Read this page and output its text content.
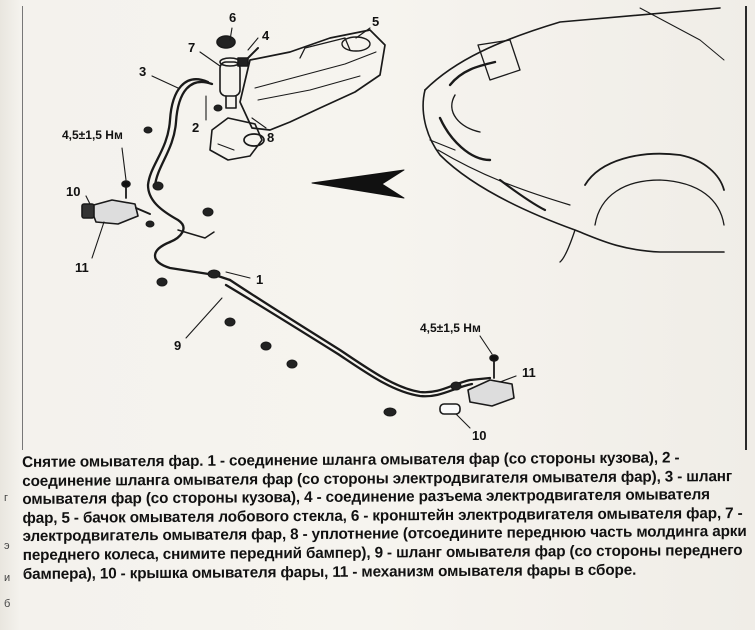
6
4
7
5
3
2
8
1
9
10
11
11
10
4,5±1,5 Нм
4,5±1,5 Нм

Снятие омывателя фар. 1 - соединение шланга омывателя фар (со стороны кузова), 2 - соединение шланга омывателя фар (со стороны электродвигателя омывателя фар), 3 - шланг омывателя фар (со стороны кузова), 4 - соединение разъема электродвигателя омывателя фар, 5 - бачок омывателя лобового стекла, 6 - кронштейн электродвигателя омывателя фар, 7 - электродвигатель омывателя фар, 8 - уплотнение (отсоедините переднюю часть молдинга арки переднего колеса, снимите передний бампер), 9 - шланг омывателя фар (со стороны переднего бампера), 10 - крышка омывателя фары, 11 - механизм омывателя фары в сборе.

г
э
и
б
